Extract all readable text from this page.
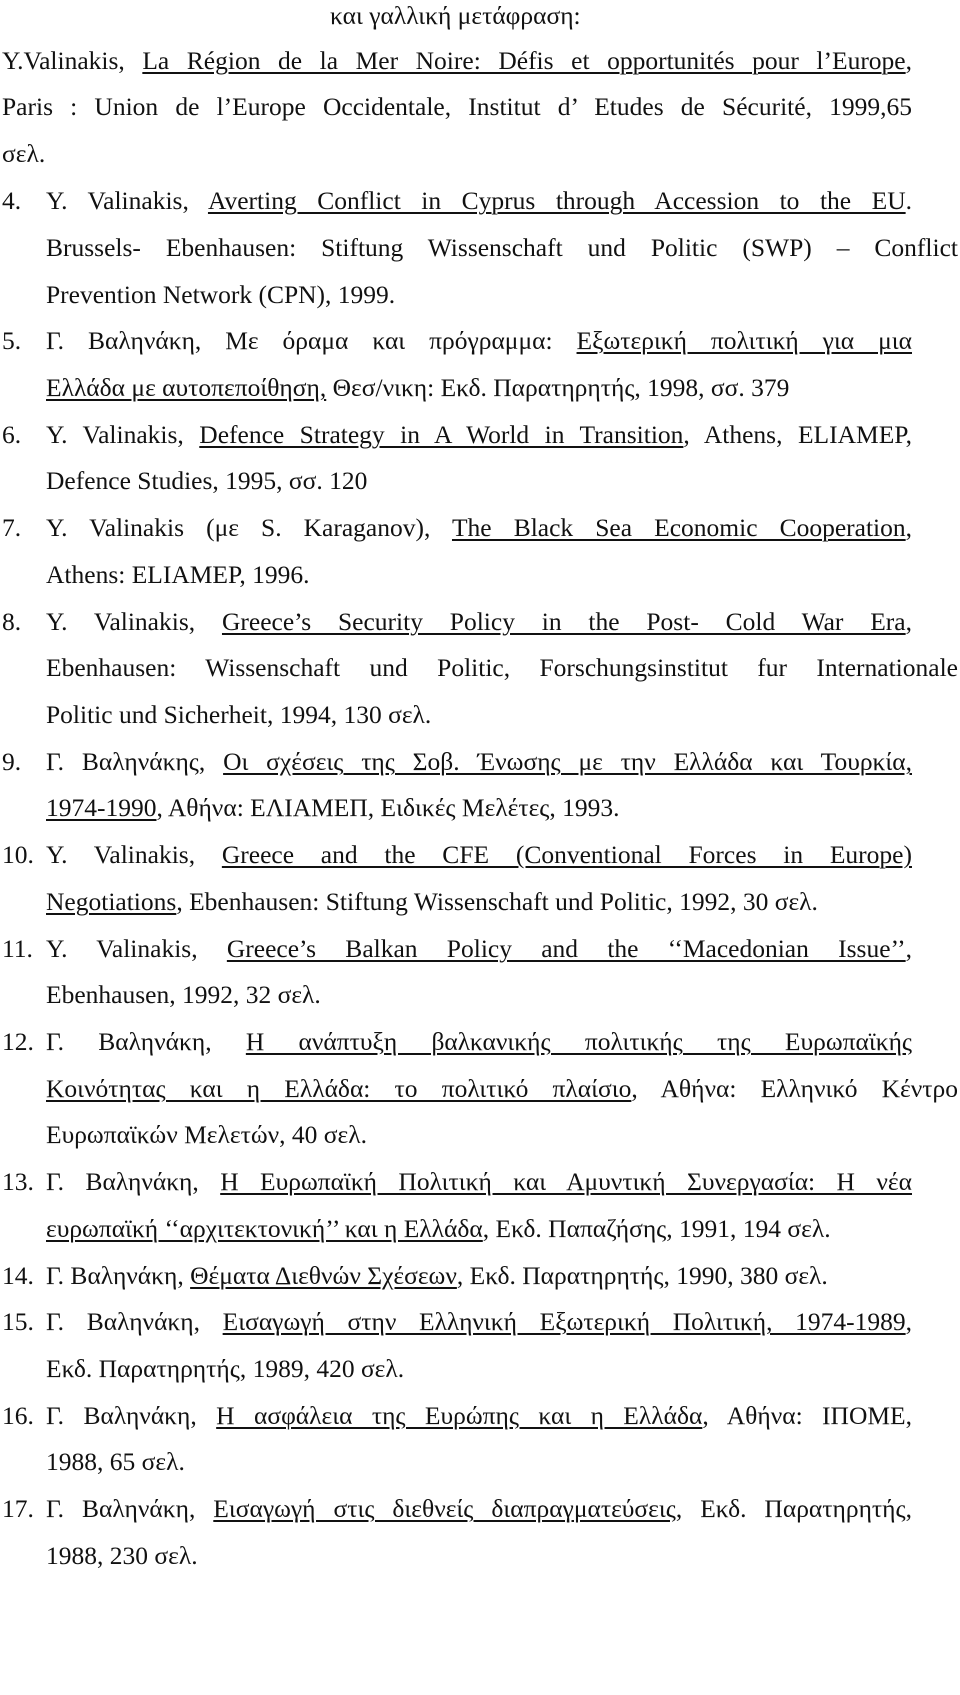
και γαλλική μετάφραση:
Y.Valinakis, La Région de la Mer Noire: Défis et opportunités pour l’Europe,
Paris : Union de l’Europe Occidentale, Institut d’ Etudes de Sécurité, 1999,65
σελ.
4. Y. Valinakis, Averting Conflict in Cyprus through Accession to the EU.
Brussels- Ebenhausen: Stiftung Wissenschaft und Politic (SWP) – Conflict
Prevention Network (CPN), 1999.
5. Γ. Βαληνάκη, Με όραμα και πρόγραμμα: Εξωτερική πολιτική για μια
Ελλάδα με αυτοπεποίθηση, Θεσ/νικη: Εκδ. Παρατηρητής, 1998, σσ. 379
6. Y. Valinakis, Defence Strategy in A World in Transition, Athens, ELIAMEP,
Defence Studies, 1995, σσ. 120
7. Y. Valinakis (με S. Karaganov), The Black Sea Economic Cooperation,
Athens: ELIAMEP, 1996.
8. Y. Valinakis, Greece’s Security Policy in the Post- Cold War Era,
Ebenhausen: Wissenschaft und Politic, Forschungsinstitut fur Internationale
Politic und Sicherheit, 1994, 130 σελ.
9. Γ. Βαληνάκης, Οι σχέσεις της Σοβ. Ένωσης με την Ελλάδα και Τουρκία,
1974-1990, Αθήνα: ΕΛΙΑΜΕΠ, Ειδικές Μελέτες, 1993.
10. Y. Valinakis, Greece and the CFE (Conventional Forces in Europe)
Negotiations, Ebenhausen: Stiftung Wissenschaft und Politic, 1992, 30 σελ.
11. Y. Valinakis, Greece’s Balkan Policy and the ‘‘Macedonian Issue’’,
Ebenhausen, 1992, 32 σελ.
12. Γ. Βαληνάκη, Η ανάπτυξη βαλκανικής πολιτικής της Ευρωπαϊκής
Κοινότητας και η Ελλάδα: το πολιτικό πλαίσιο, Αθήνα: Ελληνικό Κέντρο
Ευρωπαϊκών Μελετών, 40 σελ.
13. Γ. Βαληνάκη, Η Ευρωπαϊκή Πολιτική και Αμυντική Συνεργασία: Η νέα
ευρωπαϊκή ‘‘αρχιτεκτονική’’ και η Ελλάδα, Εκδ. Παπαζήσης, 1991, 194 σελ.
14. Γ. Βαληνάκη, Θέματα Διεθνών Σχέσεων, Εκδ. Παρατηρητής, 1990, 380 σελ.
15. Γ. Βαληνάκη, Εισαγωγή στην Ελληνική Εξωτερική Πολιτική, 1974-1989,
Εκδ. Παρατηρητής, 1989, 420 σελ.
16. Γ. Βαληνάκη, Η ασφάλεια της Ευρώπης και η Ελλάδα, Αθήνα: ΙΠΟΜΕ,
1988, 65 σελ.
17. Γ. Βαληνάκη, Εισαγωγή στις διεθνείς διαπραγματεύσεις, Εκδ. Παρατηρητής,
1988, 230 σελ.
